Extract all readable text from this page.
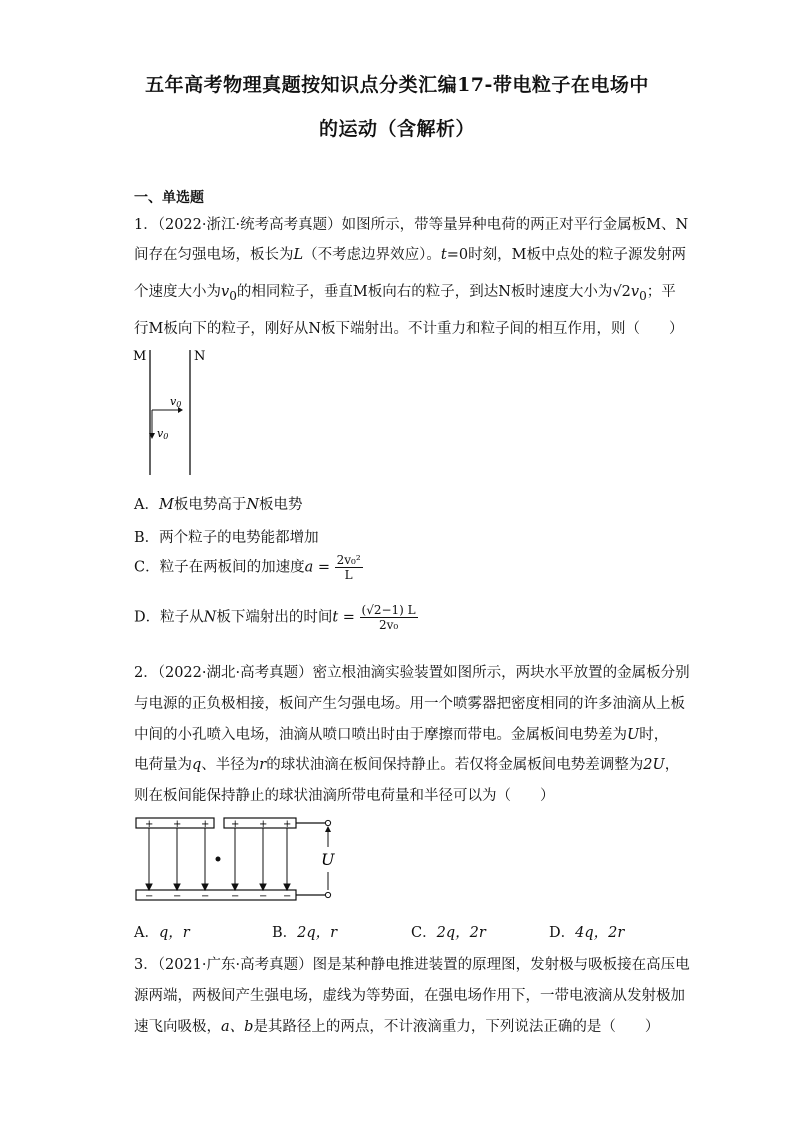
五年高考物理真题按知识点分类汇编17-带电粒子在电场中
的运动（含解析）
一、单选题
1．（2022·浙江·统考高考真题）如图所示，带等量异种电荷的两正对平行金属板M、N
间存在匀强电场，板长为L（不考虑边界效应）。t=0时刻，M板中点处的粒子源发射两
个速度大小为$v_0$的相同粒子，垂直M板向右的粒子，到达N板时速度大小为$√2v_0$；平
行M板向下的粒子，刚好从N板下端射出。不计重力和粒子间的相互作用，则（　　）
M	N
v0
v0
A．M板电势高于N板电势
B．两个粒子的电势能都增加
C．粒子在两板间的加速度$a = \frac{\text{2v₀²}}{L}$
D．粒子从N板下端射出的时间$t = \frac{(√2-1) L}{\text{2v₀}}$
2．（2022·湖北·高考真题）密立根油滴实验装置如图所示，两块水平放置的金属板分别
与电源的正负极相接，板间产生匀强电场。用一个喷雾器把密度相同的许多油滴从上板
中间的小孔喷入电场，油滴从喷口喷出时由于摩擦而带电。金属板间电势差为U时，
电荷量为q、半径为r的球状油滴在板间保持静止。若仅将金属板间电势差调整为2U，
则在板间能保持静止的球状油滴所带电荷量和半径可以为（　　）
+ + + + + +
− − − − − −
U
A．q，r	B．2q，r	C．2q，2r	D．4q，2r
3．（2021·广东·高考真题）图是某种静电推进装置的原理图，发射极与吸板接在高压电
源两端，两极间产生强电场，虚线为等势面，在强电场作用下，一带电液滴从发射极加
速飞向吸极，a、b是其路径上的两点，不计液滴重力，下列说法正确的是（　　）
